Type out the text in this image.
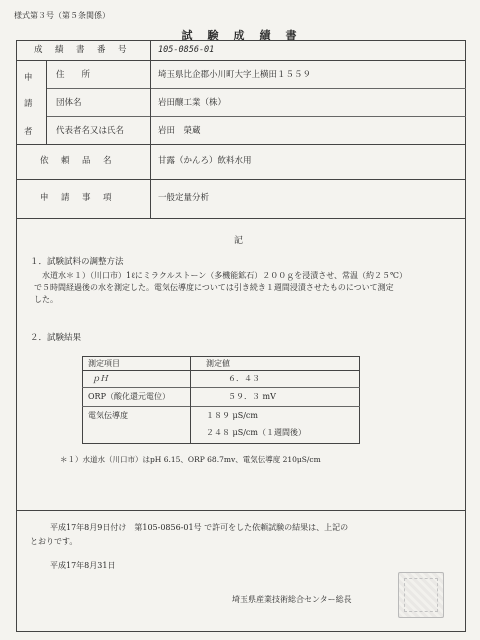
様式第３号（第５条関係）
試　験　成　績　書
成　績　書　番　号	105-0856-01
申
請
者
住　　所	埼玉県比企郡小川町大字上横田１５５９
団体名	岩田醸工業（株）
代表者名又は氏名	岩田　榮蔵
依　頼　品　名	甘露（かんろ）飲料水用
申　請　事　項	一般定量分析
記
１．試験試料の調整方法
水道水＊１）（川口市）1ℓにミラクルストーン（多機能鉱石）２００ｇを浸漬させ、常温（約２５℃）
で５時間経過後の水を測定した。電気伝導度については引き続き１週間浸漬させたものについて測定
した。
２．試験結果
測定項目	測定値
ｐＨ	６．４３
ORP（酸化還元電位）	５９．３ mV
電気伝導度	１８９ μS/cm
２４８ μS/cm（１週間後）
＊１）水道水（川口市）はpH 6.15、ORP 68.7mv、電気伝導度 210μS/cm
平成17年8月9日付け　第105-0856-01号 で許可をした依頼試験の結果は、上記の
とおりです。
平成17年8月31日
埼玉県産業技術総合センター総長
